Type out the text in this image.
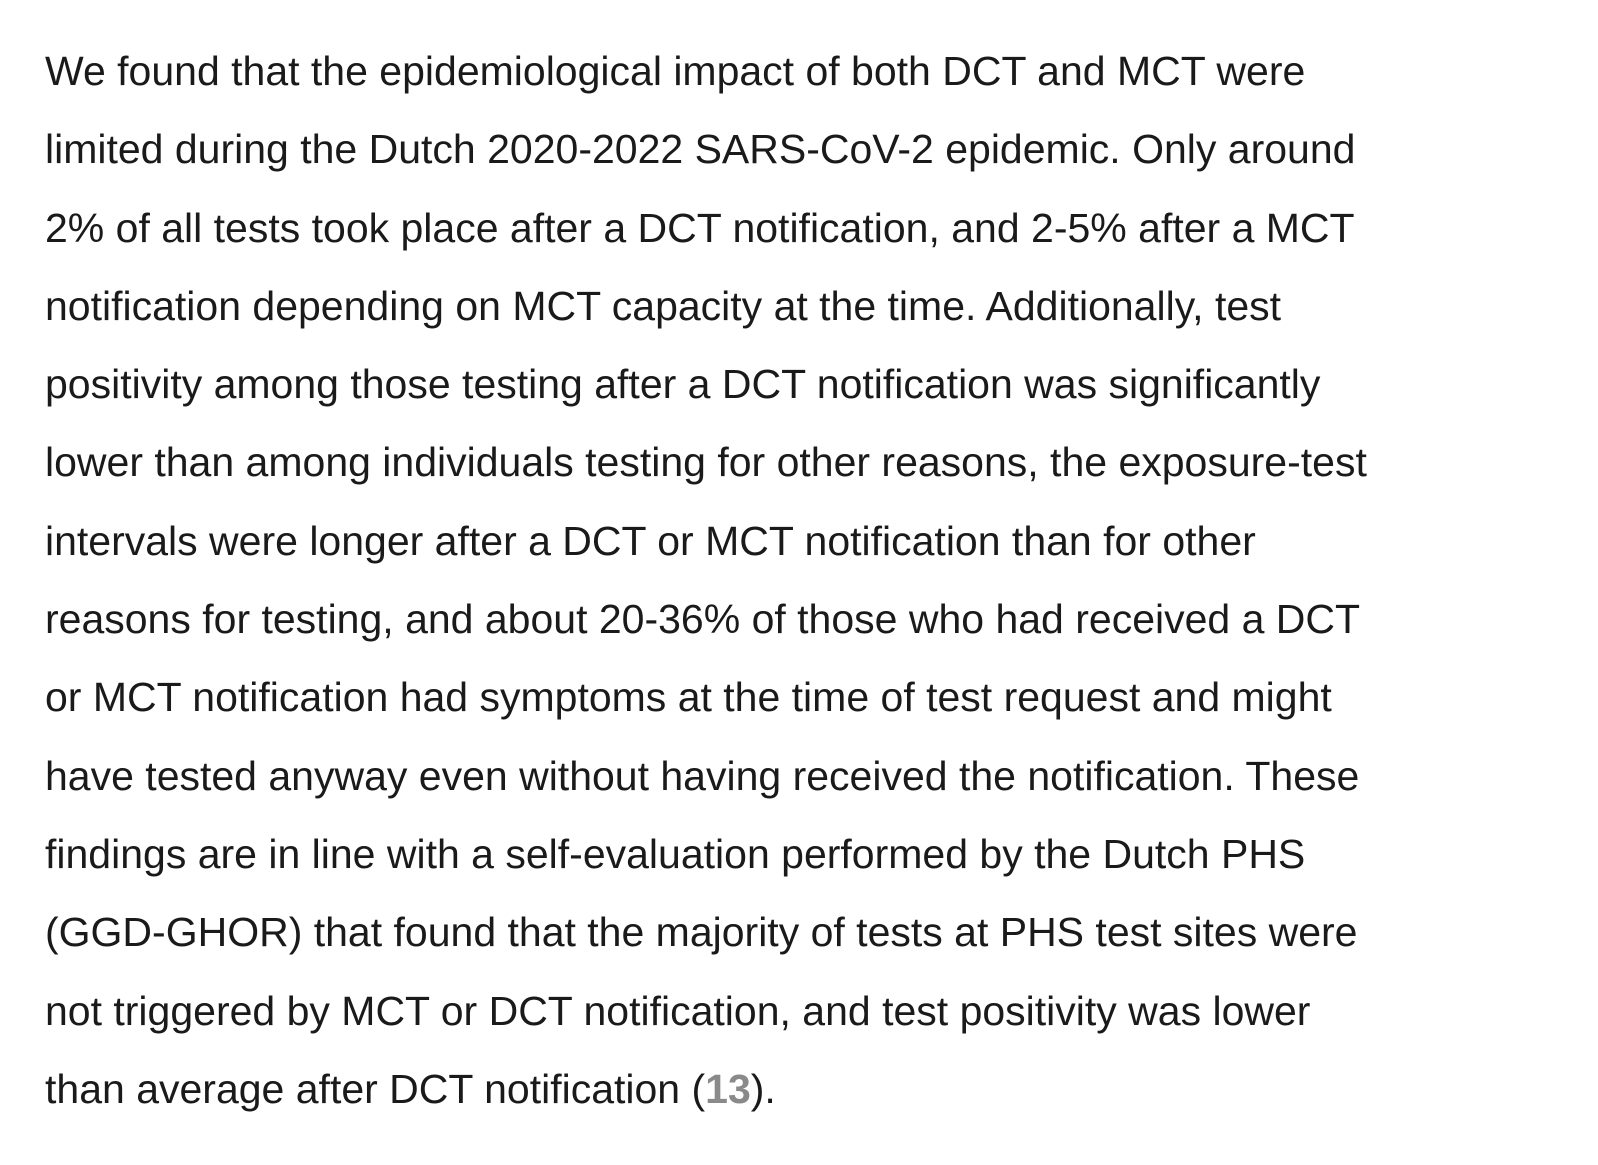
We found that the epidemiological impact of both DCT and MCT were
limited during the Dutch 2020-2022 SARS-CoV-2 epidemic. Only around
2% of all tests took place after a DCT notification, and 2-5% after a MCT
notification depending on MCT capacity at the time. Additionally, test
positivity among those testing after a DCT notification was significantly
lower than among individuals testing for other reasons, the exposure-test
intervals were longer after a DCT or MCT notification than for other
reasons for testing, and about 20-36% of those who had received a DCT
or MCT notification had symptoms at the time of test request and might
have tested anyway even without having received the notification. These
findings are in line with a self-evaluation performed by the Dutch PHS
(GGD-GHOR) that found that the majority of tests at PHS test sites were
not triggered by MCT or DCT notification, and test positivity was lower
than average after DCT notification (13).
